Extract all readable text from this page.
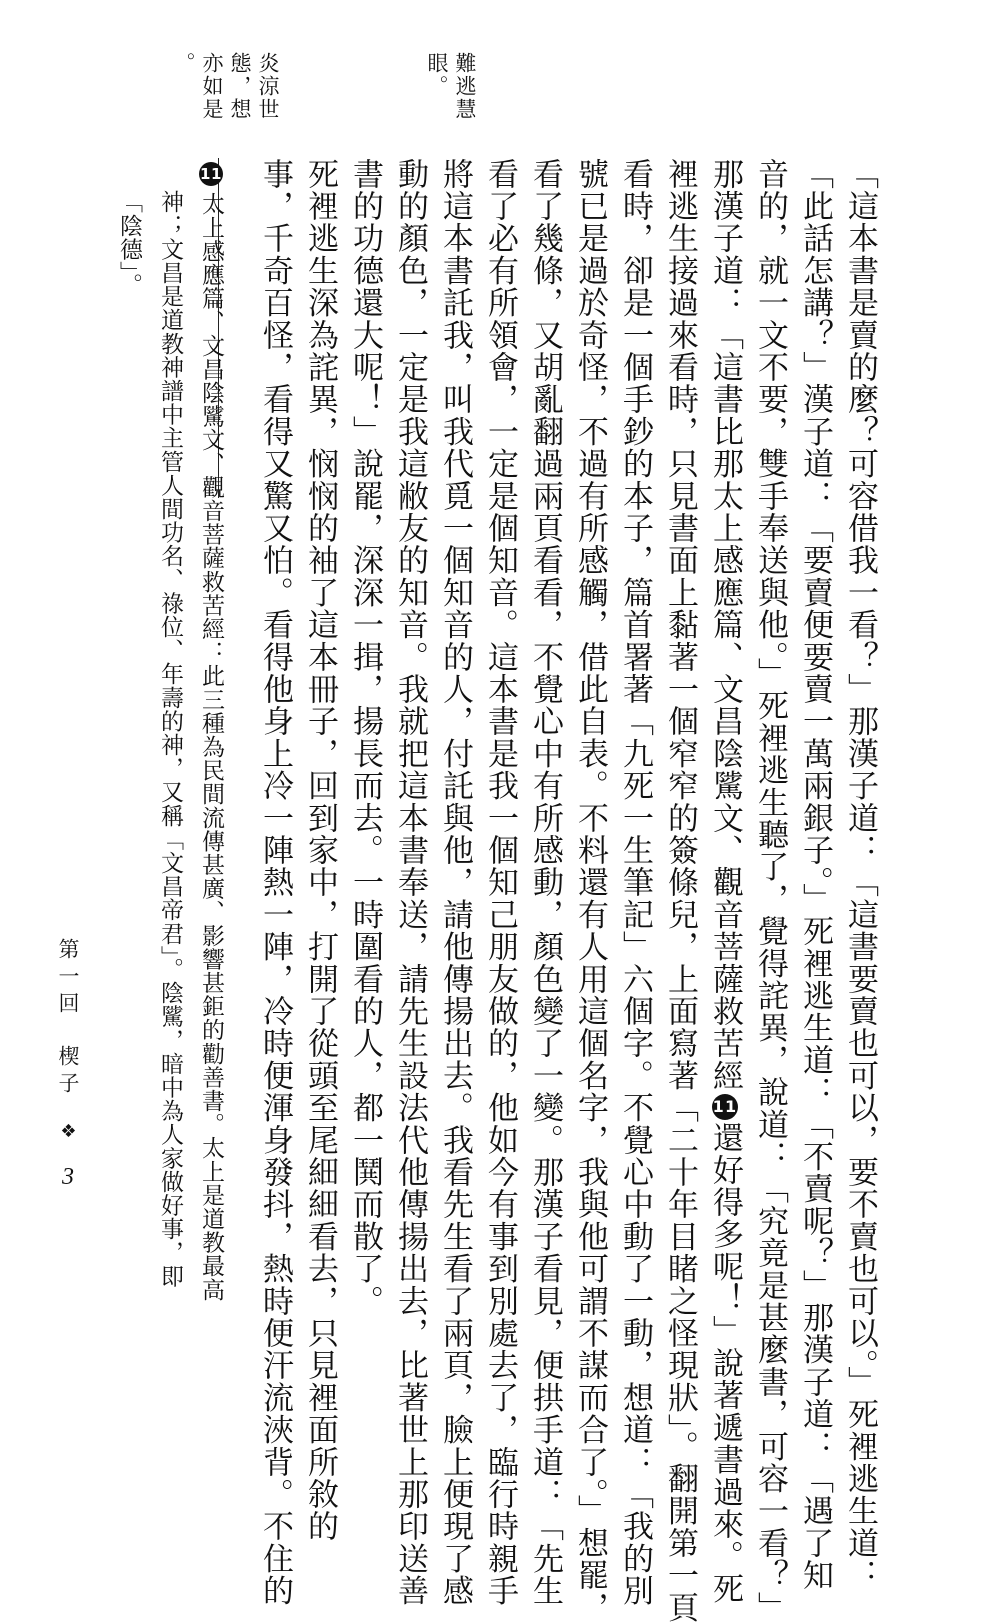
「這本書是賣的麼？可容借我一看？」那漢子道：「這書要賣也可以，要不賣也可以。」死裡逃生道：
「此話怎講？」漢子道：「要賣便要賣一萬兩銀子。」死裡逃生道：「不賣呢？」那漢子道：「遇了知
音的，就一文不要，雙手奉送與他。」死裡逃生聽了，覺得詫異，說道：「究竟是甚麼書，可容一看？」
那漢子道：「這書比那太上感應篇、文昌陰騭文、觀音菩薩救苦經11還好得多呢！」說著遞書過來。死
裡逃生接過來看時，只見書面上黏著一個窄窄的簽條兒，上面寫著「二十年目睹之怪現狀」。翻開第一頁
看時，卻是一個手鈔的本子，篇首署著「九死一生筆記」六個字。不覺心中動了一動，想道：「我的別
號已是過於奇怪，不過有所感觸，借此自表。不料還有人用這個名字，我與他可謂不謀而合了。」想罷，
看了幾條，又胡亂翻過兩頁看看，不覺心中有所感動，顏色變了一變。那漢子看見，便拱手道：「先生
看了必有所領會，一定是個知音。這本書是我一個知己朋友做的，他如今有事到別處去了，臨行時親手
將這本書託我，叫我代覓一個知音的人，付託與他，請他傳揚出去。我看先生看了兩頁，臉上便現了感
動的顏色，一定是我這敝友的知音。我就把這本書奉送，請先生設法代他傳揚出去，比著世上那印送善
書的功德還大呢！」說罷，深深一揖，揚長而去。一時圍看的人，都一鬨而散了。
死裡逃生深為詫異，悯悯的袖了這本冊子，回到家中，打開了從頭至尾細細看去，只見裡面所敘的
事，千奇百怪，看得又驚又怕。看得他身上冷一陣熱一陣，冷時便渾身發抖，熱時便汗流浹背。不住的
11太上感應篇、文昌陰騭文、觀音菩薩救苦經：此三種為民間流傳甚廣、影響甚鉅的勸善書。太上是道教最高
神；文昌是道教神譜中主管人間功名、祿位、年壽的神，又稱「文昌帝君」。陰騭，暗中為人家做好事，即
「陰德」。
難逃慧
眼。
炎涼世
態，想
亦如是
。
第一回楔子❖3
